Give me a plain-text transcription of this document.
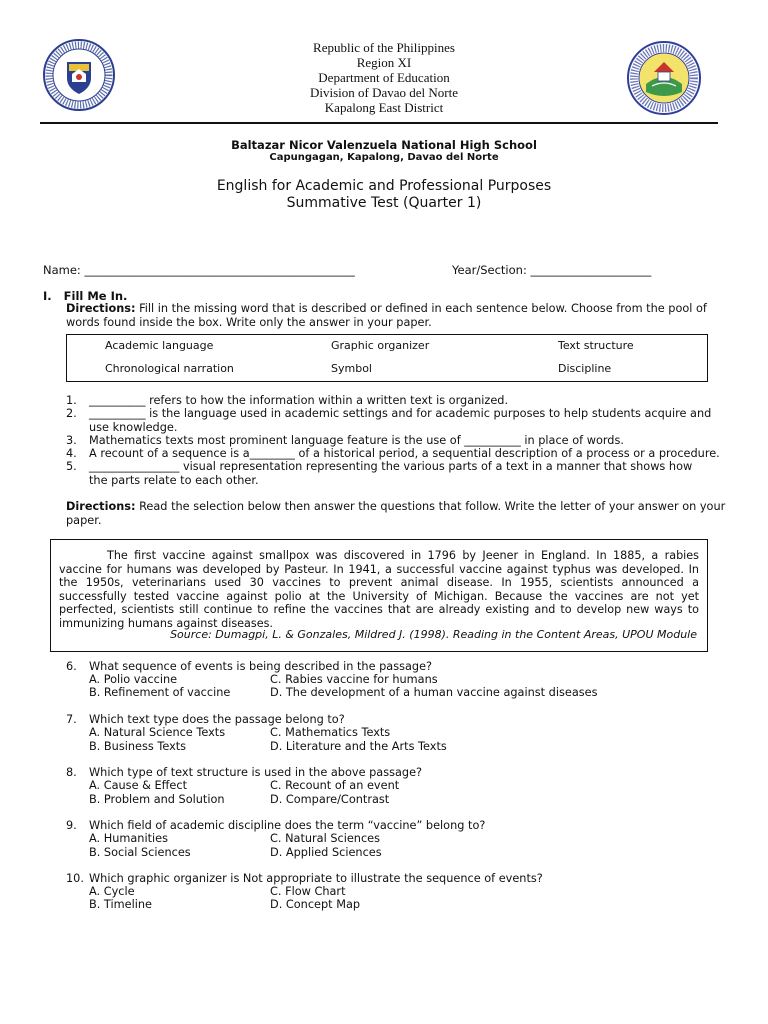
Republic of the Philippines
Region XI
Department of Education
Division of Davao del Norte
Kapalong East District
Baltazar Nicor Valenzuela National High School
Capungagan, Kapalong, Davao del Norte
English for Academic and Professional Purposes
Summative Test (Quarter 1)
Name: _______________________________________________	Year/Section: _____________________
I.   Fill Me In.
Directions: Fill in the missing word that is described or defined in each sentence below. Choose from the pool of
words found inside the box. Write only the answer in your paper.
Academic language	Graphic organizer	Text structure
Chronological narration	Symbol	Discipline
1. __________ refers to how the information within a written text is organized.
2. __________ is the language used in academic settings and for academic purposes to help students acquire and
use knowledge.
3. Mathematics texts most prominent language feature is the use of __________ in place of words.
4. A recount of a sequence is a________ of a historical period, a sequential description of a process or a procedure.
5. ________________ visual representation representing the various parts of a text in a manner that shows how
the parts relate to each other.
Directions: Read the selection below then answer the questions that follow. Write the letter of your answer on your
paper.
The first vaccine against smallpox was discovered in 1796 by Jeener in England. In 1885, a rabies vaccine for humans was developed by Pasteur. In 1941, a successful vaccine against typhus was developed. In the 1950s, veterinarians used 30 vaccines to prevent animal disease. In 1955, scientists announced a successfully tested vaccine against polio at the University of Michigan. Because the vaccines are not yet perfected, scientists still continue to refine the vaccines that are already existing and to develop new ways to immunizing humans against diseases.
Source: Dumagpi, L. & Gonzales, Mildred J. (1998). Reading in the Content Areas, UPOU Module
6. What sequence of events is being described in the passage?
A. Polio vaccine	C. Rabies vaccine for humans
B. Refinement of vaccine	D. The development of a human vaccine against diseases
7. Which text type does the passage belong to?
A. Natural Science Texts	C. Mathematics Texts
B. Business Texts	D. Literature and the Arts Texts
8. Which type of text structure is used in the above passage?
A. Cause & Effect	C. Recount of an event
B. Problem and Solution	D. Compare/Contrast
9. Which field of academic discipline does the term “vaccine” belong to?
A. Humanities	C. Natural Sciences
B. Social Sciences	D. Applied Sciences
10. Which graphic organizer is Not appropriate to illustrate the sequence of events?
A. Cycle	C. Flow Chart
B. Timeline	D. Concept Map
